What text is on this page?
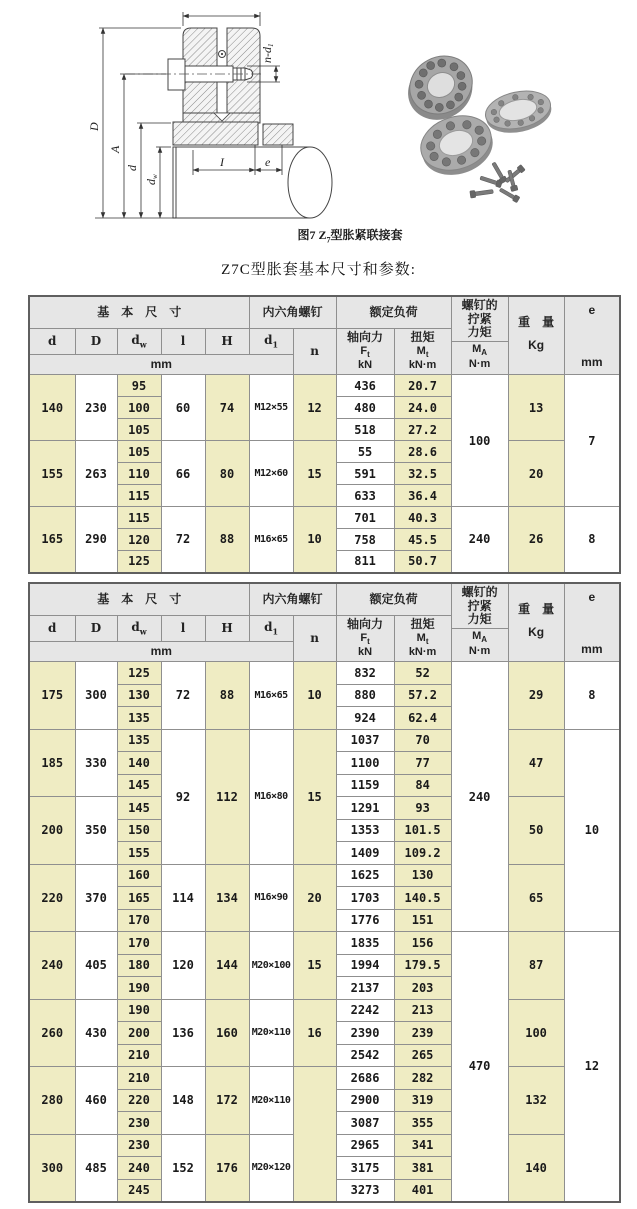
D
A
d
dw
n-d1
I	e
图7 $Z_7$型胀紧联接套
Z7C型胀套基本尺寸和参数:
基　本　尺　寸	内六角螺钉	额定负荷	
螺钉的
拧紧
力矩
$M_A$
N·m

重　量
Kg

e
mm

d	D	$d_w$	l	H	$d_1$	n	
轴向力
$F_t$
kN

扭矩
$M_t$
kN·m

mm											
140	230	95	60	74	M12×55	12	436	20.7	100	13	7
		100					480	24.0			
		105					518	27.2			
155	263	105	66	80	M12×60	15	55	28.6		20	
		110					591	32.5			
		115					633	36.4			
165	290	115	72	88	M16×65	10	701	40.3	240	26	8
		120					758	45.5			
		125					811	50.7			
基　本　尺　寸	内六角螺钉	额定负荷	
螺钉的
拧紧
力矩
$M_A$
N·m

重　量
Kg

e
mm

d	D	$d_w$	l	H	$d_1$	n	
轴向力
$F_t$
kN

扭矩
$M_t$
kN·m

mm											
175	300	125	72	88	M16×65	10	832	52	240	29	8
		130					880	57.2			
		135					924	62.4			
185	330	135	92	112	M16×80	15	1037	70		47	10
		140					1100	77			
		145					1159	84			
200	350	145					1291	93		50	
		150					1353	101.5			
		155					1409	109.2			
220	370	160	114	134	M16×90	20	1625	130		65	
		165					1703	140.5			
		170					1776	151			
240	405	170	120	144	M20×100	15	1835	156	470	87	12
		180					1994	179.5			
		190					2137	203			
260	430	190	136	160	M20×110	16	2242	213		100	
		200					2390	239			
		210					2542	265			
280	460	210	148	172	M20×110		2686	282		132	
		220					2900	319			
		230					3087	355			
300	485	230	152	176	M20×120		2965	341		140	
		240					3175	381			
		245					3273	401			
